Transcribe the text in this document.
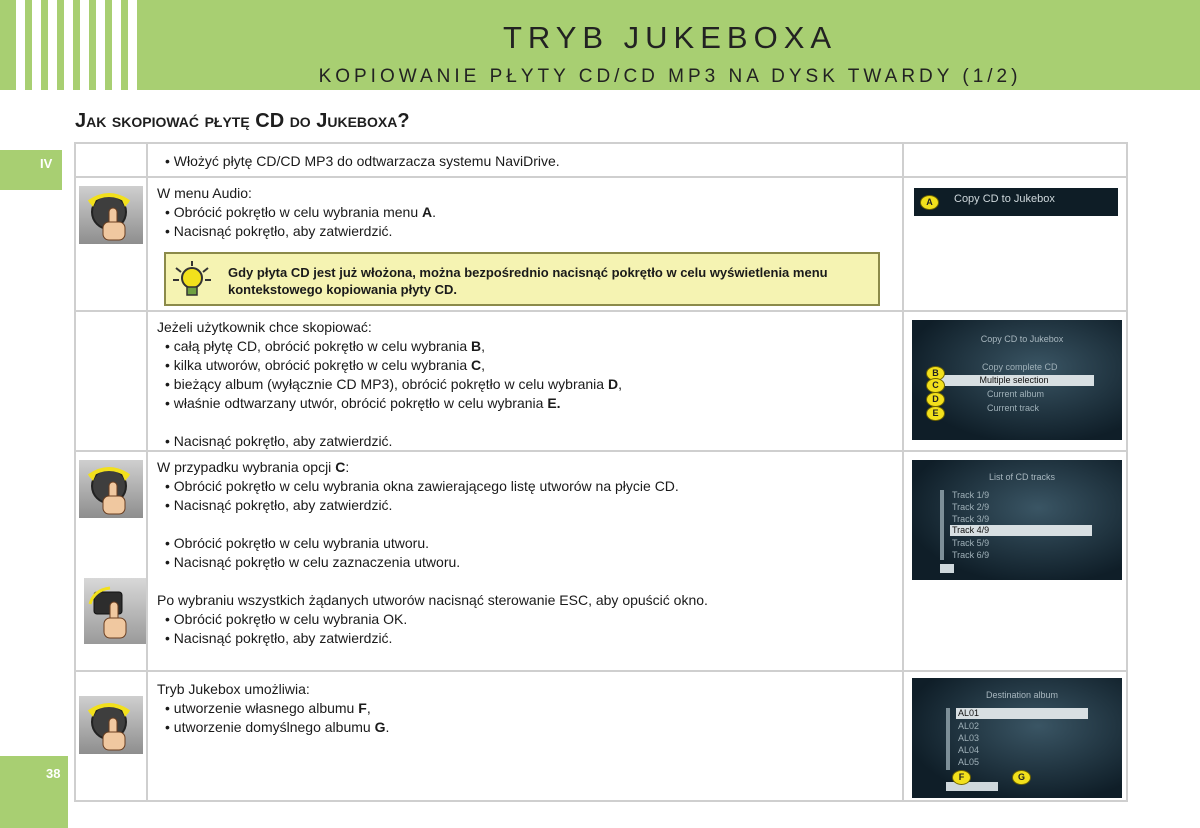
TRYB JUKEBOXA
KOPIOWANIE PŁYTY CD/CD MP3 NA DYSK TWARDY (1/2)
IV
38
Jak skopiować płytę CD do Jukeboxa?
• Włożyć płytę CD/CD MP3 do odtwarzacza systemu NaviDrive.
W menu Audio:
• Obrócić pokrętło w celu wybrania menu A.
• Nacisnąć pokrętło, aby zatwierdzić.
Gdy płyta CD jest już włożona, można bezpośrednio nacisnąć pokrętło w celu wyświetlenia menu kontekstowego kopiowania płyty CD.
A	Copy CD to Jukebox
Jeżeli użytkownik chce skopiować:
• całą płytę CD, obrócić pokrętło w celu wybrania B,
• kilka utworów, obrócić pokrętło w celu wybrania C,
• bieżący album (wyłącznie CD MP3), obrócić pokrętło w celu wybrania D,
• właśnie odtwarzany utwór, obrócić pokrętło w celu wybrania E.
• Nacisnąć pokrętło, aby zatwierdzić.
Copy CD to Jukebox
Copy complete CD
Multiple selection
Current album
Current track
B
C
D
E
W przypadku wybrania opcji C:
• Obrócić pokrętło w celu wybrania okna zawierającego listę utworów na płycie CD.
• Nacisnąć pokrętło, aby zatwierdzić.
• Obrócić pokrętło w celu wybrania utworu.
• Nacisnąć pokrętło w celu zaznaczenia utworu.
Po wybraniu wszystkich żądanych utworów nacisnąć sterowanie ESC, aby opuścić okno.
• Obrócić pokrętło w celu wybrania OK.
• Nacisnąć pokrętło, aby zatwierdzić.
List of CD tracks
Track 1/9
Track 2/9
Track 3/9
Track 4/9
Track 5/9
Track 6/9
Tryb Jukebox umożliwia:
• utworzenie własnego albumu F,
• utworzenie domyślnego albumu G.
Destination album
AL01
AL02
AL03
AL04
AL05
F	G
